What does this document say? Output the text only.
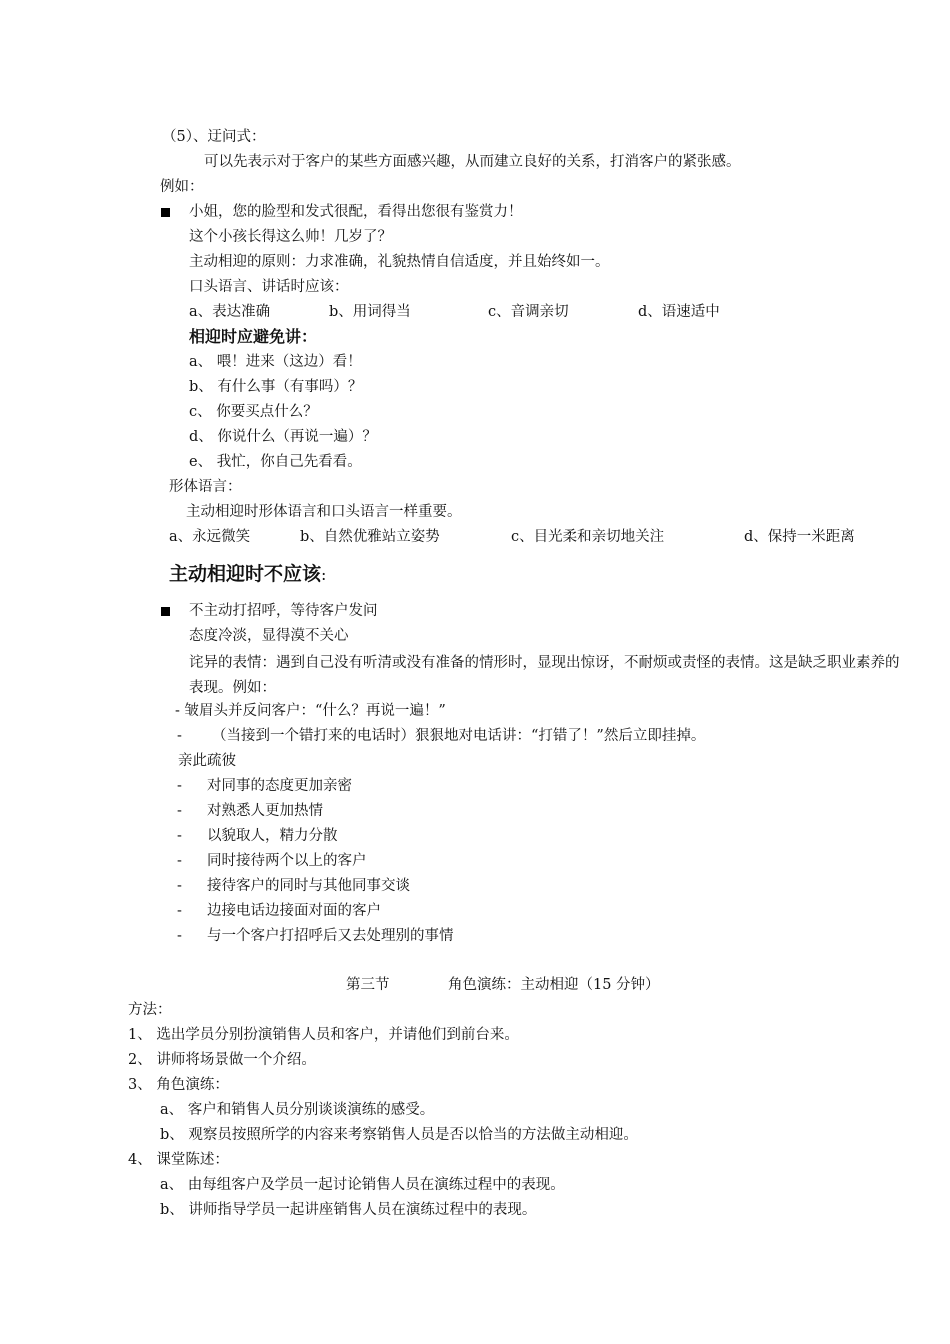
（5）、迂问式：
可以先表示对于客户的某些方面感兴趣，从而建立良好的关系，打消客户的紧张感。
例如：
小姐，您的脸型和发式很配，看得出您很有鉴赏力！
这个小孩长得这么帅！几岁了？
主动相迎的原则：力求准确，礼貌热情自信适度，并且始终如一。
口头语言、讲话时应该：
a、表达准确	b、用词得当	c、音调亲切	d、语速适中
相迎时应避免讲：
a、 喂！进来（这边）看！
b、 有什么事（有事吗）？
c、 你要买点什么？
d、 你说什么（再说一遍）？
e、 我忙，你自己先看看。
形体语言：
主动相迎时形体语言和口头语言一样重要。
a、永远微笑	b、自然优雅站立姿势	c、目光柔和亲切地关注	d、保持一米距离
主动相迎时不应该:
不主动打招呼，等待客户发问
态度冷淡，显得漠不关心
诧异的表情：遇到自己没有听清或没有准备的情形时，显现出惊讶，不耐烦或责怪的表情。这是缺乏职业素养的表现。例如：
- 皱眉头并反问客户：“什么？再说一遍！”
- （当接到一个错打来的电话时）狠狠地对电话讲：“打错了！”然后立即挂掉。
亲此疏彼
- 对同事的态度更加亲密
- 对熟悉人更加热情
- 以貌取人，精力分散
- 同时接待两个以上的客户
- 接待客户的同时与其他同事交谈
- 边接电话边接面对面的客户
- 与一个客户打招呼后又去处理别的事情
第三节	角色演练：主动相迎（15 分钟）
方法：
1、 选出学员分别扮演销售人员和客户，并请他们到前台来。
2、 讲师将场景做一个介绍。
3、 角色演练：
a、 客户和销售人员分别谈谈演练的感受。
b、 观察员按照所学的内容来考察销售人员是否以恰当的方法做主动相迎。
4、 课堂陈述：
a、 由每组客户及学员一起讨论销售人员在演练过程中的表现。
b、 讲师指导学员一起讲座销售人员在演练过程中的表现。
